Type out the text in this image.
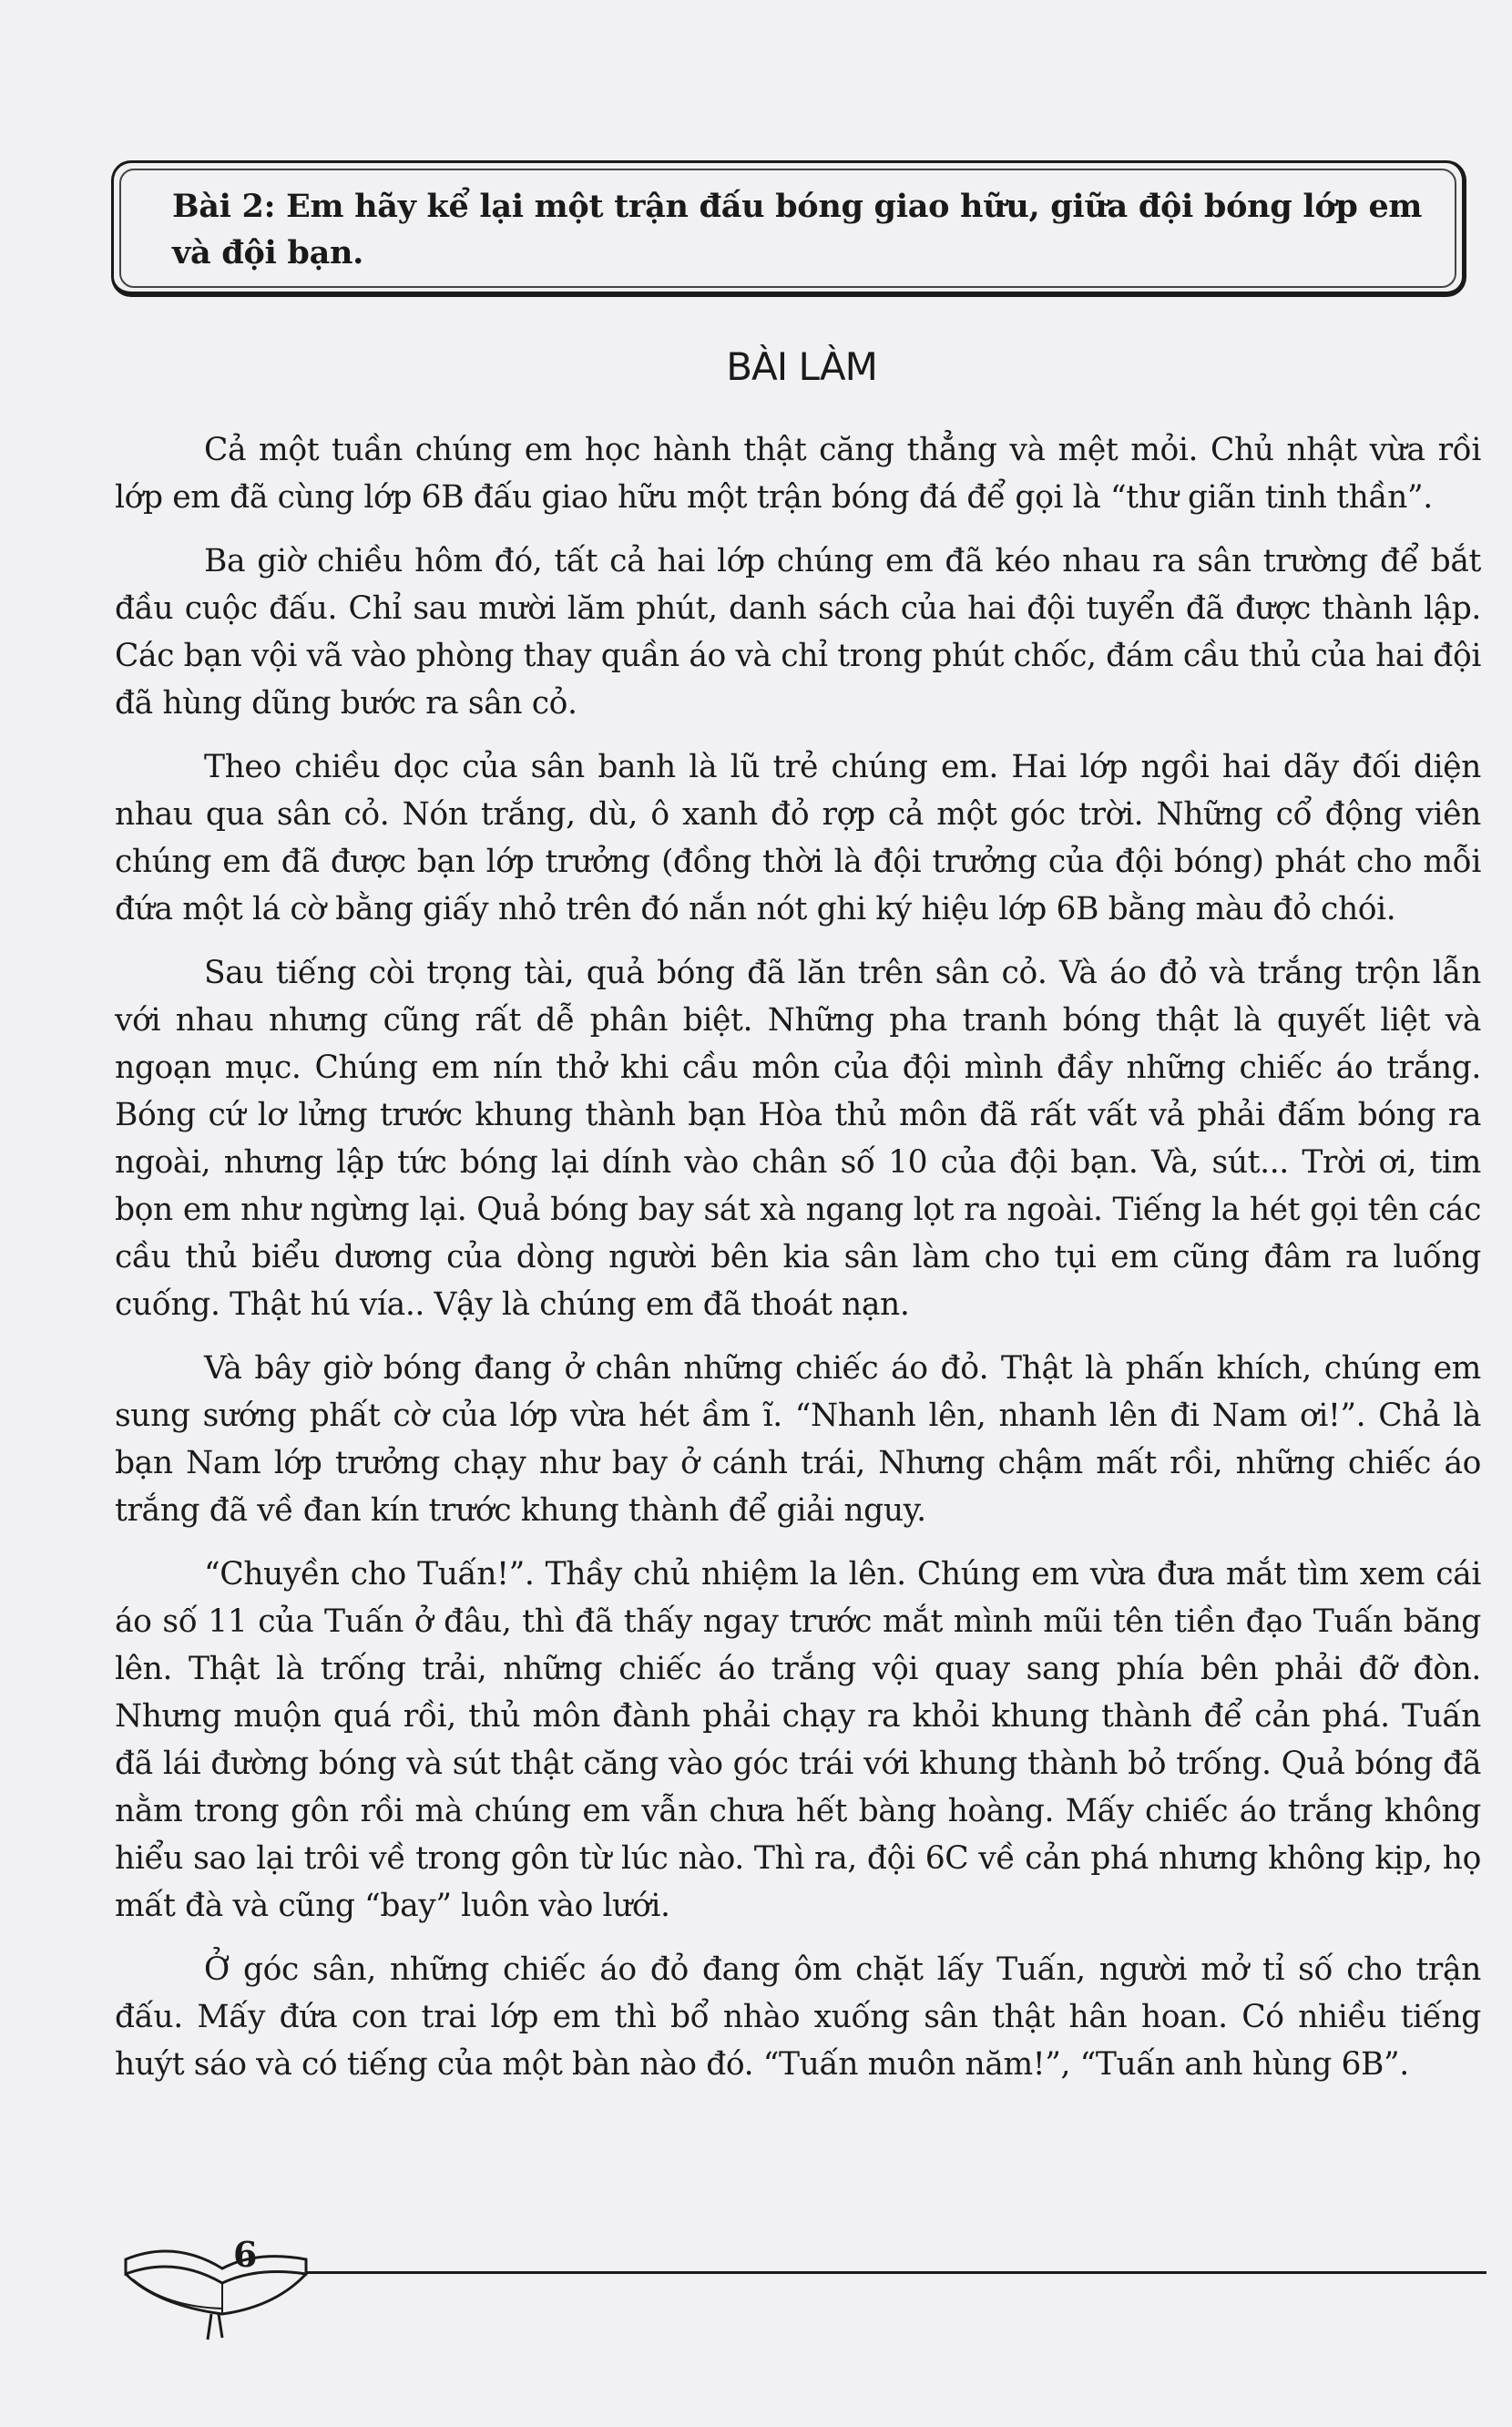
Bài 2: Em hãy kể lại một trận đấu bóng giao hữu, giữa đội bóng lớp em và đội bạn.
BÀI LÀM

Cả một tuần chúng em học hành thật căng thẳng và mệt mỏi. Chủ nhật vừa rồi lớp em đã cùng lớp 6B đấu giao hữu một trận bóng đá để gọi là “thư giãn tinh thần”.

Ba giờ chiều hôm đó, tất cả hai lớp chúng em đã kéo nhau ra sân trường để bắt đầu cuộc đấu. Chỉ sau mười lăm phút, danh sách của hai đội tuyển đã được thành lập. Các bạn vội vã vào phòng thay quần áo và chỉ trong phút chốc, đám cầu thủ của hai đội đã hùng dũng bước ra sân cỏ.

Theo chiều dọc của sân banh là lũ trẻ chúng em. Hai lớp ngồi hai dãy đối diện nhau qua sân cỏ. Nón trắng, dù, ô xanh đỏ rợp cả một góc trời. Những cổ động viên chúng em đã được bạn lớp trưởng (đồng thời là đội trưởng của đội bóng) phát cho mỗi đứa một lá cờ bằng giấy nhỏ trên đó nắn nót ghi ký hiệu lớp 6B bằng màu đỏ chói.

Sau tiếng còi trọng tài, quả bóng đã lăn trên sân cỏ. Và áo đỏ và trắng trộn lẫn với nhau nhưng cũng rất dễ phân biệt. Những pha tranh bóng thật là quyết liệt và ngoạn mục. Chúng em nín thở khi cầu môn của đội mình đầy những chiếc áo trắng. Bóng cứ lơ lửng trước khung thành bạn Hòa thủ môn đã rất vất vả phải đấm bóng ra ngoài, nhưng lập tức bóng lại dính vào chân số 10 của đội bạn. Và, sút... Trời ơi, tim bọn em như ngừng lại. Quả bóng bay sát xà ngang lọt ra ngoài. Tiếng la hét gọi tên các cầu thủ biểu dương của dòng người bên kia sân làm cho tụi em cũng đâm ra luống cuống. Thật hú vía.. Vậy là chúng em đã thoát nạn.

Và bây giờ bóng đang ở chân những chiếc áo đỏ. Thật là phấn khích, chúng em sung sướng phất cờ của lớp vừa hét ầm ĩ. “Nhanh lên, nhanh lên đi Nam ơi!”. Chả là bạn Nam lớp trưởng chạy như bay ở cánh trái, Nhưng chậm mất rồi, những chiếc áo trắng đã về đan kín trước khung thành để giải nguy.

“Chuyền cho Tuấn!”. Thầy chủ nhiệm la lên. Chúng em vừa đưa mắt tìm xem cái áo số 11 của Tuấn ở đâu, thì đã thấy ngay trước mắt mình mũi tên tiền đạo Tuấn băng lên. Thật là trống trải, những chiếc áo trắng vội quay sang phía bên phải đỡ đòn. Nhưng muộn quá rồi, thủ môn đành phải chạy ra khỏi khung thành để cản phá. Tuấn đã lái đường bóng và sút thật căng vào góc trái với khung thành bỏ trống. Quả bóng đã nằm trong gôn rồi mà chúng em vẫn chưa hết bàng hoàng. Mấy chiếc áo trắng không hiểu sao lại trôi về trong gôn từ lúc nào. Thì ra, đội 6C về cản phá nhưng không kịp, họ mất đà và cũng “bay” luôn vào lưới.

Ở góc sân, những chiếc áo đỏ đang ôm chặt lấy Tuấn, người mở tỉ số cho trận đấu. Mấy đứa con trai lớp em thì bổ nhào xuống sân thật hân hoan. Có nhiều tiếng huýt sáo và có tiếng của một bàn nào đó. “Tuấn muôn năm!”, “Tuấn anh hùng 6B”.

6
